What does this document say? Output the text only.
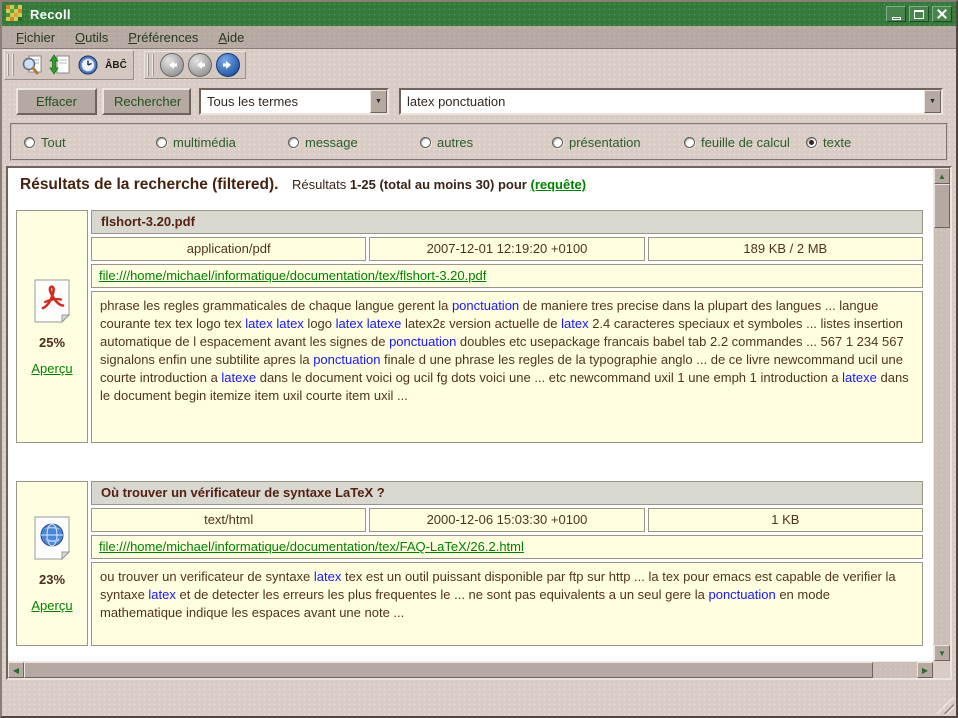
Recoll
Fichier	Outils	Préférences	Aide
ÂBĈ
Effacer	Rechercher	Tous les termes	▼	latex ponctuation	▼
Tout	multimédia	message	autres	présentation	feuille de calcul	texte
Résultats de la recherche (filtered). Résultats 1-25 (total au moins 30) pour (requête)
25%
Aperçu
flshort-3.20.pdf
application/pdf	2007-12-01 12:19:20 +0100	189 KB / 2 MB
file:///home/michael/informatique/documentation/tex/flshort-3.20.pdf
phrase les regles grammaticales de chaque langue gerent la ponctuation de maniere tres precise dans la plupart des langues ... langue courante tex tex logo tex latex latex logo latex latexe latex2ε version actuelle de latex 2.4 caracteres speciaux et symboles ... listes insertion automatique de l espacement avant les signes de ponctuation doubles etc usepackage francais babel tab 2.2 commandes ... 567 1 234 567 signalons enfin une subtilite apres la ponctuation finale d une phrase les regles de la typographie anglo ... de ce livre newcommand ucil une courte introduction a latexe dans le document voici og ucil fg dots voici une ... etc newcommand uxil 1 une emph 1 introduction a latexe dans le document begin itemize item uxil courte item uxil ...
23%
Aperçu
Où trouver un vérificateur de syntaxe LaTeX ?
text/html	2000-12-06 15:03:30 +0100	1 KB
file:///home/michael/informatique/documentation/tex/FAQ-LaTeX/26.2.html
ou trouver un verificateur de syntaxe latex tex est un outil puissant disponible par ftp sur http ... la tex pour emacs est capable de verifier la syntaxe latex et de detecter les erreurs les plus frequentes le ... ne sont pas equivalents a un seul gere la ponctuation en mode mathematique indique les espaces avant une note ...
▲
▼
◀	▶
